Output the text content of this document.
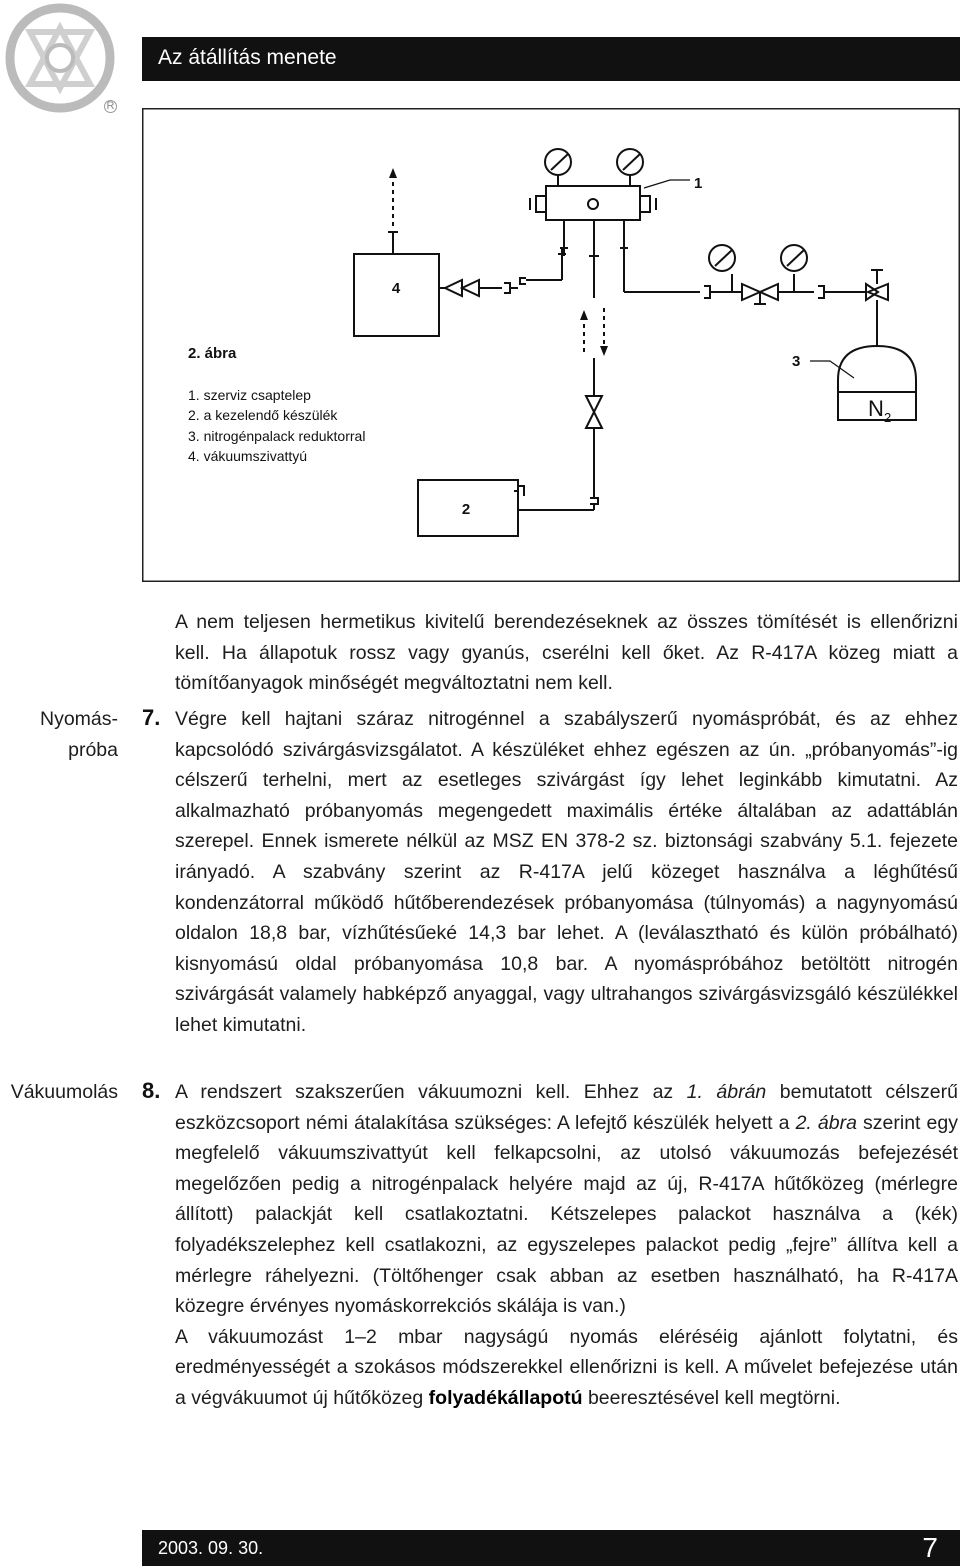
R
Az átállítás menete
4
1
N 2
3
2
2. ábra
1. szerviz csaptelep
2. a kezelendő készülék
3. nitrogénpalack reduktorral
4. vákuumszivattyú

A nem teljesen hermetikus kivitelű berendezéseknek az összes tömítését is ellenőrizni kell. Ha állapotuk rossz vagy gyanús, cserélni kell őket. Az R-417A közeg miatt a tömítőanyagok minőségét megváltoztatni nem kell.

Nyomás-
próba
7. Végre kell hajtani száraz nitrogénnel a szabályszerű nyomáspróbát, és az ehhez kapcsolódó szivárgásvizsgálatot. A készüléket ehhez egészen az ún. „próbanyomás”-ig célszerű terhelni, mert az esetleges szivárgást így lehet leginkább kimutatni. Az alkalmazható próbanyomás megengedett maximális értéke általában az adattáblán szerepel. Ennek ismerete nélkül az MSZ EN 378-2 sz. biztonsági szabvány 5.1. fejezete irányadó. A szabvány szerint az R-417A jelű közeget használva a léghűtésű kondenzátorral működő hűtőberendezések próbanyomása (túlnyomás) a nagynyomású oldalon 18,8 bar, vízhűtésűeké 14,3 bar lehet. A (leválasztható és külön próbálható) kisnyomású oldal próbanyomása 10,8 bar. A nyomáspróbához betöltött nitrogén szivárgását valamely habképző anyaggal, vagy ultrahangos szivárgásvizsgáló készülékkel lehet kimutatni.

Vákuumolás 8. A rendszert szakszerűen vákuumozni kell. Ehhez az 1. ábrán bemutatott célszerű eszközcsoport némi átalakítása szükséges: A lefejtő készülék helyett a 2. ábra szerint egy megfelelő vákuumszivattyút kell felkapcsolni, az utolsó vákuumozás befejezését megelőzően pedig a nitrogénpalack helyére majd az új, R-417A hűtőközeg (mérlegre állított) palackját kell csatlakoztatni. Kétszelepes palackot használva a (kék) folyadékszelephez kell csatlakozni, az egyszelepes palackot pedig „fejre” állítva kell a mérlegre ráhelyezni. (Töltőhenger csak abban az esetben használható, ha R-417A közegre érvényes nyomáskorrekciós skálája is van.)

A vákuumozást 1–2 mbar nagyságú nyomás eléréséig ajánlott folytatni, és eredményességét a szokásos módszerekkel ellenőrizni is kell. A művelet befejezése után a végvákuumot új hűtőközeg folyadékállapotú beeresztésével kell megtörni.

2003. 09. 30.	7
